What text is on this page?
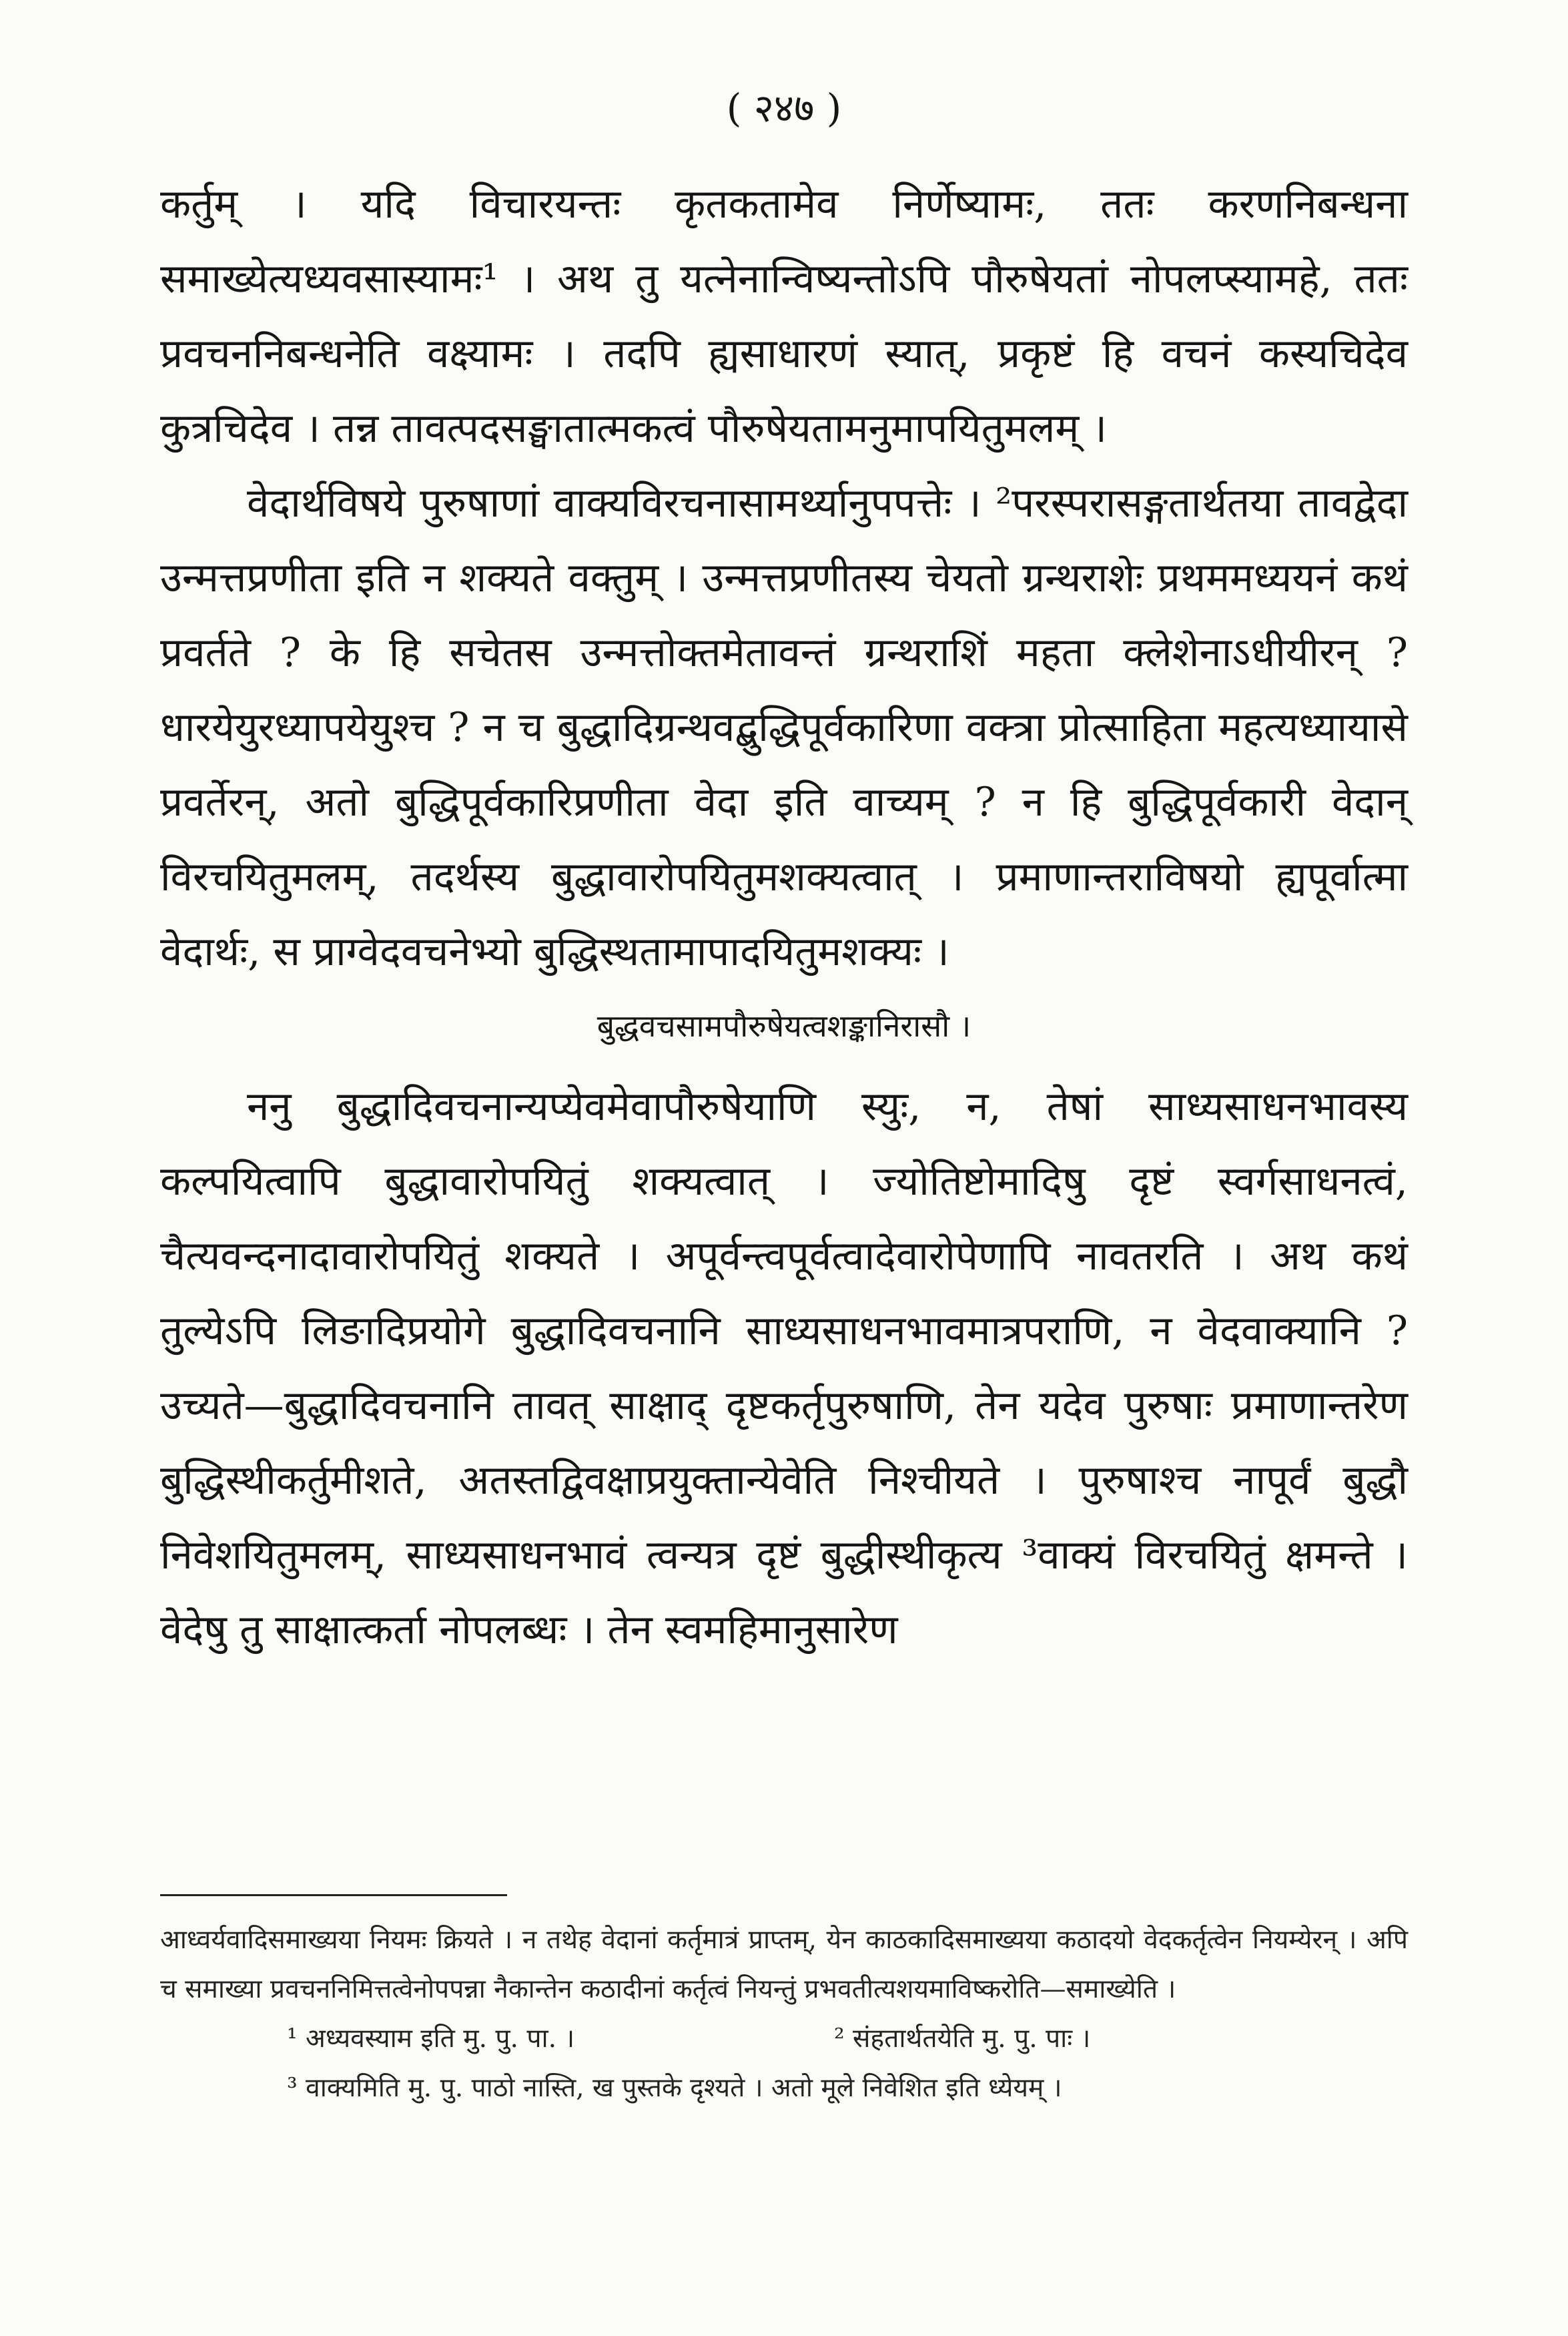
( २४७ )

कर्तुम् । यदि विचारयन्तः कृतकतामेव निर्णेष्यामः, ततः करणनिबन्धना समाख्येत्यध्यवसास्यामः¹ । अथ तु यत्नेनान्विष्यन्तोऽपि पौरुषेयतां नोपलप्स्यामहे, ततः प्रवचननिबन्धनेति वक्ष्यामः । तदपि ह्यसाधारणं स्यात्, प्रकृष्टं हि वचनं कस्यचिदेव कुत्रचिदेव । तन्न तावत्पदसङ्घातात्मकत्वं पौरुषेयतामनुमापयितुमलम् ।

वेदार्थविषये पुरुषाणां वाक्यविरचनासामर्थ्यानुपपत्तेः । ²परस्परासङ्गतार्थतया तावद्वेदा उन्मत्तप्रणीता इति न शक्यते वक्तुम् । उन्मत्तप्रणीतस्य चेयतो ग्रन्थराशेः प्रथममध्ययनं कथं प्रवर्तते ? के हि सचेतस उन्मत्तोक्तमेतावन्तं ग्रन्थराशिं महता क्लेशेनाऽधीयीरन् ? धारयेयुरध्यापयेयुश्च ? न च बुद्धादिग्रन्थवद्बुद्धिपूर्वकारिणा वक्त्रा प्रोत्साहिता महत्यध्यायासे प्रवर्तेरन्, अतो बुद्धिपूर्वकारिप्रणीता वेदा इति वाच्यम् ? न हि बुद्धिपूर्वकारी वेदान् विरचयितुमलम्, तदर्थस्य बुद्धावारोपयितुमशक्यत्वात् । प्रमाणान्तराविषयो ह्यपूर्वात्मा वेदार्थः, स प्राग्वेदवचनेभ्यो बुद्धिस्थतामापादयितुमशक्यः ।

बुद्धवचसामपौरुषेयत्वशङ्कानिरासौ ।

ननु बुद्धादिवचनान्यप्येवमेवापौरुषेयाणि स्युः, न, तेषां साध्यसाधनभावस्य कल्पयित्वापि बुद्धावारोपयितुं शक्यत्वात् । ज्योतिष्टोमादिषु दृष्टं स्वर्गसाधनत्वं, चैत्यवन्दनादावारोपयितुं शक्यते । अपूर्वन्त्वपूर्वत्वादेवारोपेणापि नावतरति । अथ कथं तुल्येऽपि लिङादिप्रयोगे बुद्धादिवचनानि साध्यसाधनभावमात्रपराणि, न वेदवाक्यानि ? उच्यते—बुद्धादिवचनानि तावत् साक्षाद् दृष्टकर्तृपुरुषाणि, तेन यदेव पुरुषाः प्रमाणान्तरेण बुद्धिस्थीकर्तुमीशते, अतस्तद्विवक्षाप्रयुक्तान्येवेति निश्चीयते । पुरुषाश्च नापूर्वं बुद्धौ निवेशयितुमलम्, साध्यसाधनभावं त्वन्यत्र दृष्टं बुद्धीस्थीकृत्य ³वाक्यं विरचयितुं क्षमन्ते । वेदेषु तु साक्षात्कर्ता नोपलब्धः । तेन स्वमहिमानुसारेण

आध्वर्यवादिसमाख्यया नियमः क्रियते । न तथेह वेदानां कर्तृमात्रं प्राप्तम्, येन काठकादिसमाख्यया कठादयो वेदकर्तृत्वेन नियम्येरन् । अपि च समाख्या प्रवचननिमित्तत्वेनोपपन्ना नैकान्तेन कठादीनां कर्तृत्वं नियन्तुं प्रभवतीत्यशयमाविष्करोति—समाख्येति ।

¹ अध्यवस्याम इति मु. पु. पा. ।	² संहतार्थतयेति मु. पु. पाः ।

³ वाक्यमिति मु. पु. पाठो नास्ति, ख पुस्तके दृश्यते । अतो मूले निवेशित इति ध्येयम् ।
